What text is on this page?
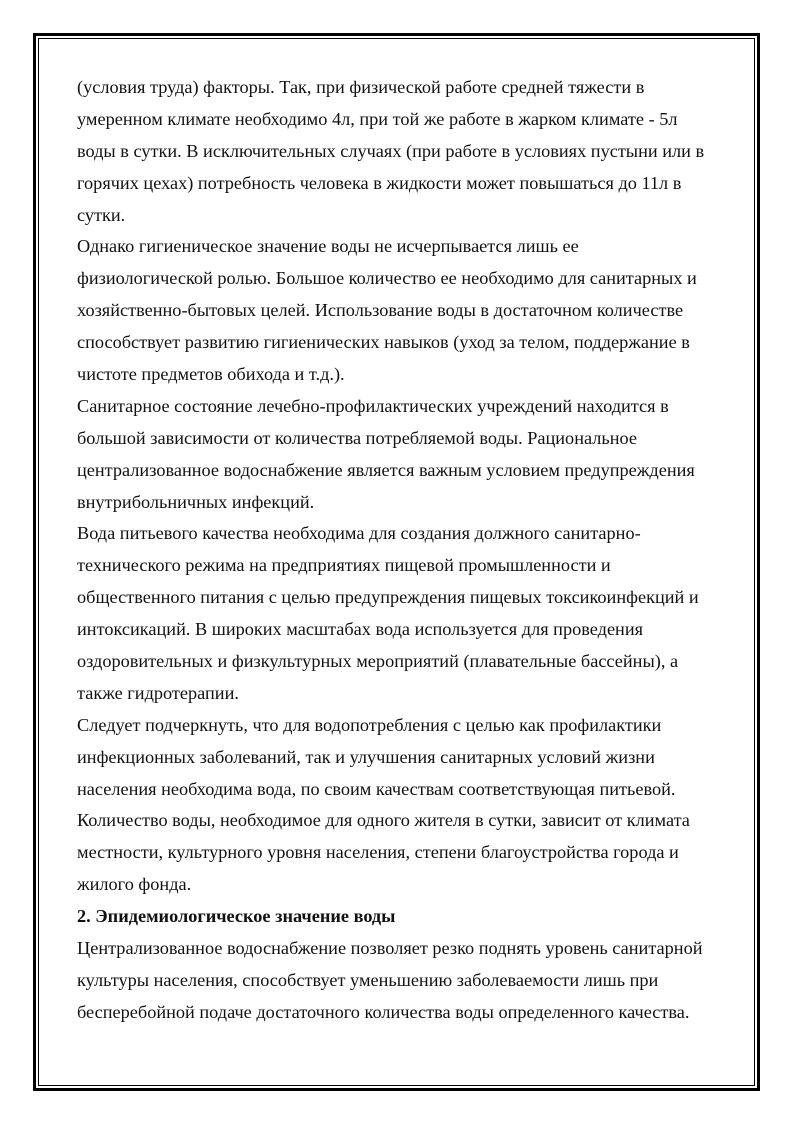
(условия труда) факторы. Так, при физической работе средней тяжести в
умеренном климате необходимо 4л, при той же работе в жарком климате - 5л
воды в сутки. В исключительных случаях (при работе в условиях пустыни или в
горячих цехах) потребность человека в жидкости может повышаться до 11л в
сутки.
Однако гигиеническое значение воды не исчерпывается лишь ее
физиологической ролью. Большое количество ее необходимо для санитарных и
хозяйственно-бытовых целей. Использование воды в достаточном количестве
способствует развитию гигиенических навыков (уход за телом, поддержание в
чистоте предметов обихода и т.д.).
Санитарное состояние лечебно-профилактических учреждений находится в
большой зависимости от количества потребляемой воды. Рациональное
централизованное водоснабжение является важным условием предупреждения
внутрибольничных инфекций.
Вода питьевого качества необходима для создания должного санитарно-
технического режима на предприятиях пищевой промышленности и
общественного питания с целью предупреждения пищевых токсикоинфекций и
интоксикаций. В широких масштабах вода используется для проведения
оздоровительных и физкультурных мероприятий (плавательные бассейны), а
также гидротерапии.
Следует подчеркнуть, что для водопотребления с целью как профилактики
инфекционных заболеваний, так и улучшения санитарных условий жизни
населения необходима вода, по своим качествам соответствующая питьевой.
Количество воды, необходимое для одного жителя в сутки, зависит от климата
местности, культурного уровня населения, степени благоустройства города и
жилого фонда.
2. Эпидемиологическое значение воды
Централизованное водоснабжение позволяет резко поднять уровень санитарной
культуры населения, способствует уменьшению заболеваемости лишь при
бесперебойной подаче достаточного количества воды определенного качества.
